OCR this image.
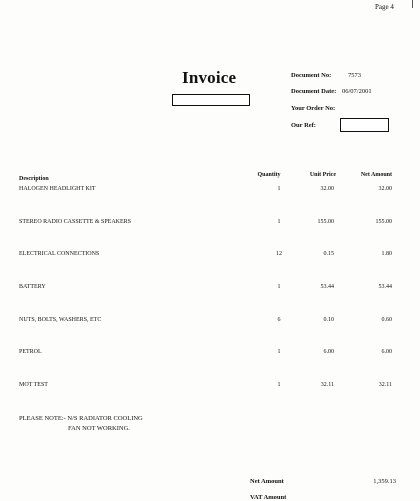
Page 4
Invoice	Document No:	7573
Document Date: 06/07/2001
Your Order No:
Our Ref:
Description
Quantity	Unit Price	Net Amount
HALOGEN HEADLIGHT KIT	1	32.00	32.00
STEREO RADIO CASSETTE & SPEAKERS	1	155.00	155.00
ELECTRICAL CONNECTIONS	12	0.15	1.80
BATTERY	1	53.44	53.44
NUTS, BOLTS, WASHERS, ETC	6	0.10	0.60
PETROL	1	6.00	6.00
MOT TEST	1	32.11	32.11
PLEASE NOTE:- N/S RADIATOR COOLING
FAN NOT WORKING.
Net Amount	1,359.13
VAT Amount
